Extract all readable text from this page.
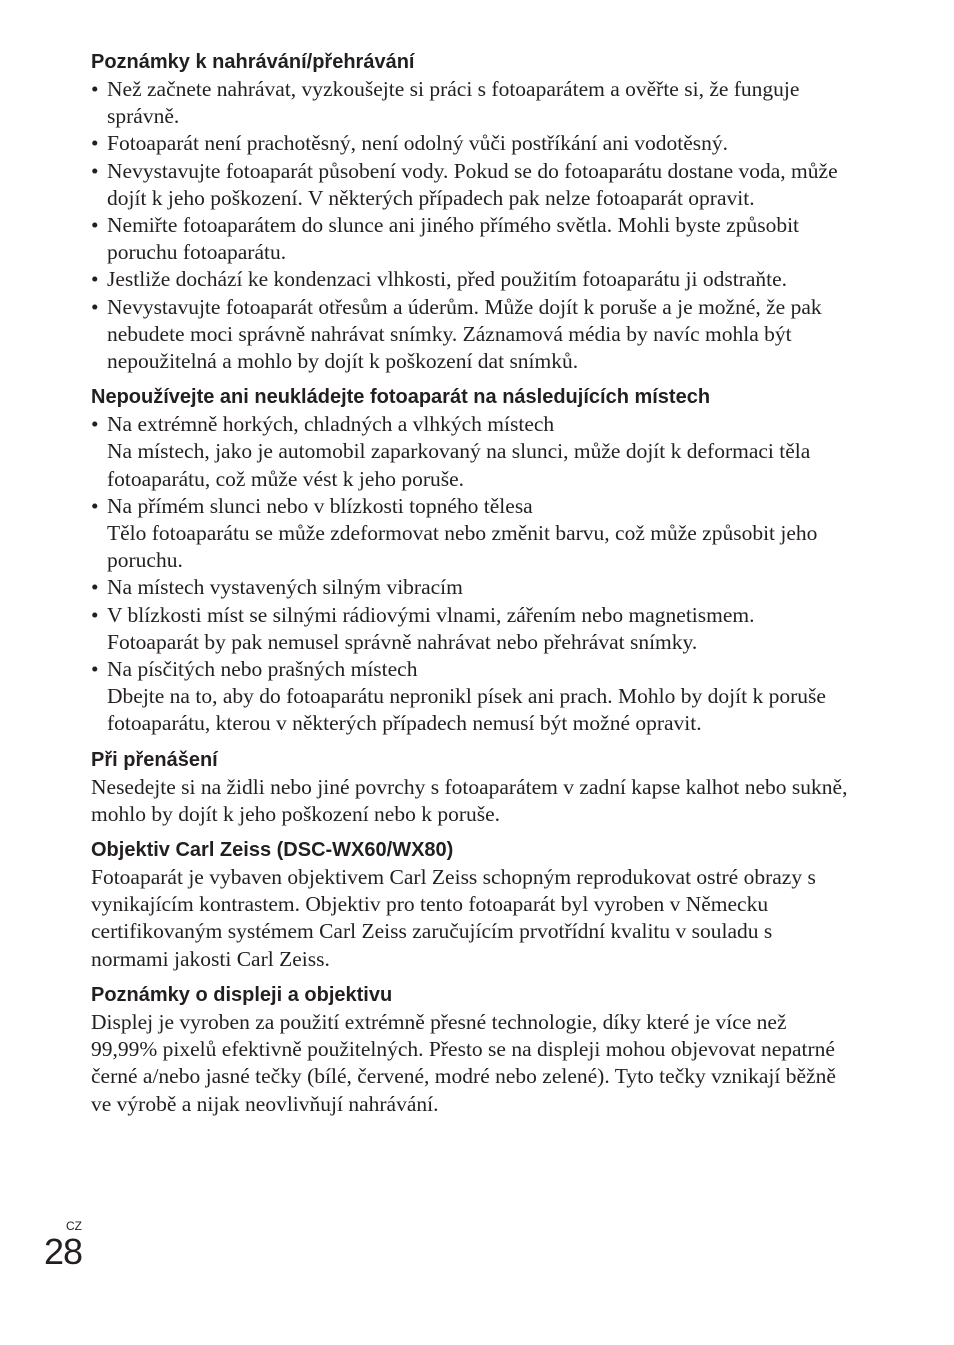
Poznámky k nahrávání/přehrávání
• Než začnete nahrávat, vyzkoušejte si práci s fotoaparátem a ověřte si, že funguje správně.
• Fotoaparát není prachotěsný, není odolný vůči postříkání ani vodotěsný.
• Nevystavujte fotoaparát působení vody. Pokud se do fotoaparátu dostane voda, může dojít k jeho poškození. V některých případech pak nelze fotoaparát opravit.
• Nemiřte fotoaparátem do slunce ani jiného přímého světla. Mohli byste způsobit poruchu fotoaparátu.
• Jestliže dochází ke kondenzaci vlhkosti, před použitím fotoaparátu ji odstraňte.
• Nevystavujte fotoaparát otřesům a úderům. Může dojít k poruše a je možné, že pak nebudete moci správně nahrávat snímky. Záznamová média by navíc mohla být nepoužitelná a mohlo by dojít k poškození dat snímků.
Nepoužívejte ani neukládejte fotoaparát na následujících místech
• Na extrémně horkých, chladných a vlhkých místech
Na místech, jako je automobil zaparkovaný na slunci, může dojít k deformaci těla fotoaparátu, což může vést k jeho poruše.
• Na přímém slunci nebo v blízkosti topného tělesa
Tělo fotoaparátu se může zdeformovat nebo změnit barvu, což může způsobit jeho poruchu.
• Na místech vystavených silným vibracím
• V blízkosti míst se silnými rádiovými vlnami, zářením nebo magnetismem.
Fotoaparát by pak nemusel správně nahrávat nebo přehrávat snímky.
• Na písčitých nebo prašných místech
Dbejte na to, aby do fotoaparátu nepronikl písek ani prach. Mohlo by dojít k poruše fotoaparátu, kterou v některých případech nemusí být možné opravit.
Při přenášení

Nesedejte si na židli nebo jiné povrchy s fotoaparátem v zadní kapse kalhot nebo sukně, mohlo by dojít k jeho poškození nebo k poruše.

Objektiv Carl Zeiss (DSC-WX60/WX80)

Fotoaparát je vybaven objektivem Carl Zeiss schopným reprodukovat ostré obrazy s vynikajícím kontrastem. Objektiv pro tento fotoaparát byl vyroben v Německu certifikovaným systémem Carl Zeiss zaručujícím prvotřídní kvalitu v souladu s normami jakosti Carl Zeiss.

Poznámky o displeji a objektivu

Displej je vyroben za použití extrémně přesné technologie, díky které je více než 99,99% pixelů efektivně použitelných. Přesto se na displeji mohou objevovat nepatrné černé a/nebo jasné tečky (bílé, červené, modré nebo zelené). Tyto tečky vznikají běžně ve výrobě a nijak neovlivňují nahrávání.

CZ
28
